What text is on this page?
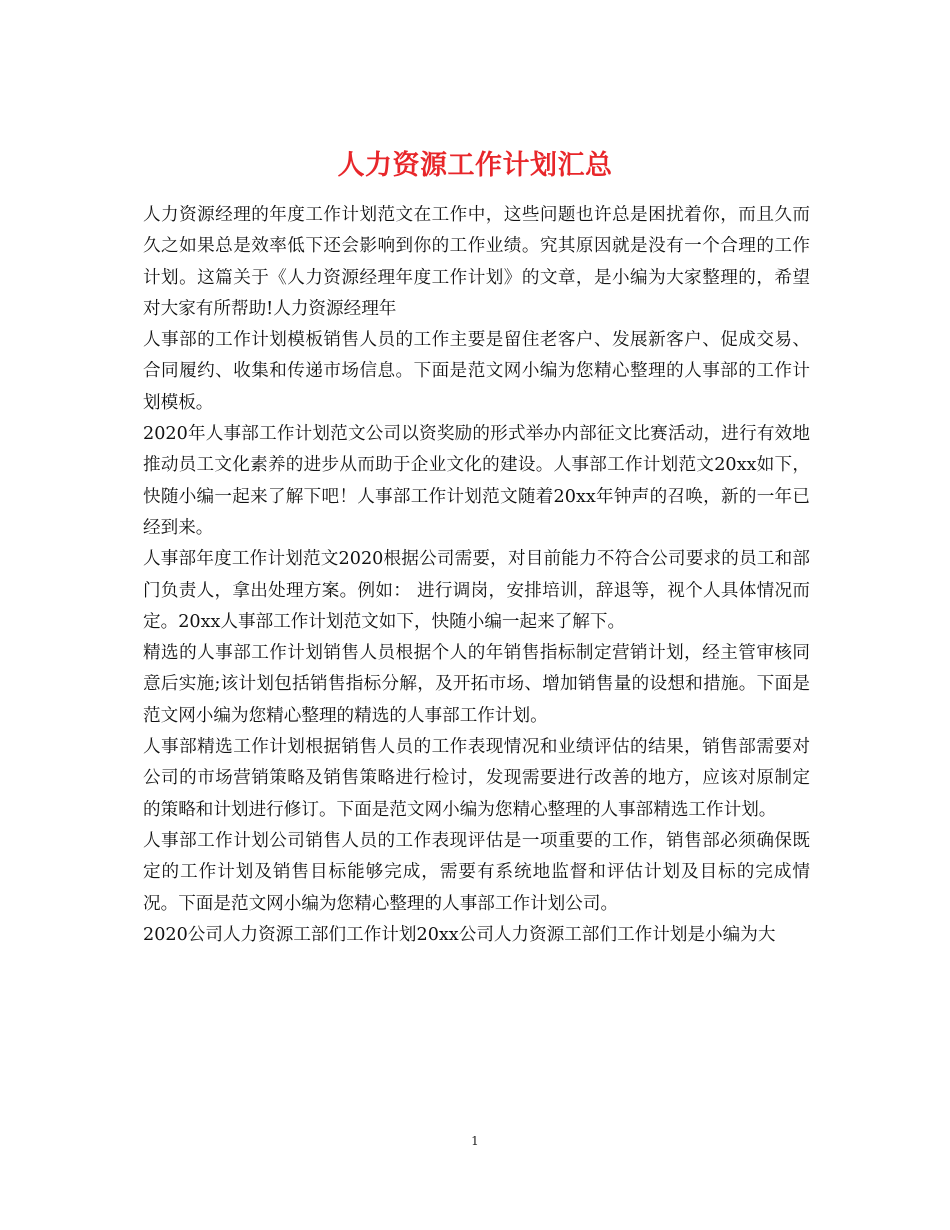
人力资源工作计划汇总

人力资源经理的年度工作计划范文在工作中，这些问题也许总是困扰着你，而且久而久之如果总是效率低下还会影响到你的工作业绩。究其原因就是没有一个合理的工作计划。这篇关于《人力资源经理年度工作计划》的文章，是小编为大家整理的，希望对大家有所帮助!人力资源经理年

人事部的工作计划模板销售人员的工作主要是留住老客户、发展新客户、促成交易、合同履约、收集和传递市场信息。下面是范文网小编为您精心整理的人事部的工作计划模板。

2020年人事部工作计划范文公司以资奖励的形式举办内部征文比赛活动，进行有效地推动员工文化素养的进步从而助于企业文化的建设。人事部工作计划范文20xx如下，快随小编一起来了解下吧！人事部工作计划范文随着20xx年钟声的召唤，新的一年已经到来。

人事部年度工作计划范文2020根据公司需要，对目前能力不符合公司要求的员工和部门负责人，拿出处理方案。例如： 进行调岗，安排培训，辞退等，视个人具体情况而定。20xx人事部工作计划范文如下，快随小编一起来了解下。

精选的人事部工作计划销售人员根据个人的年销售指标制定营销计划，经主管审核同意后实施;该计划包括销售指标分解，及开拓市场、增加销售量的设想和措施。下面是范文网小编为您精心整理的精选的人事部工作计划。

人事部精选工作计划根据销售人员的工作表现情况和业绩评估的结果，销售部需要对公司的市场营销策略及销售策略进行检讨，发现需要进行改善的地方，应该对原制定的策略和计划进行修订。下面是范文网小编为您精心整理的人事部精选工作计划。

人事部工作计划公司销售人员的工作表现评估是一项重要的工作，销售部必须确保既定的工作计划及销售目标能够完成，需要有系统地监督和评估计划及目标的完成情况。下面是范文网小编为您精心整理的人事部工作计划公司。

2020公司人力资源工部们工作计划20xx公司人力资源工部们工作计划是小编为大

1
